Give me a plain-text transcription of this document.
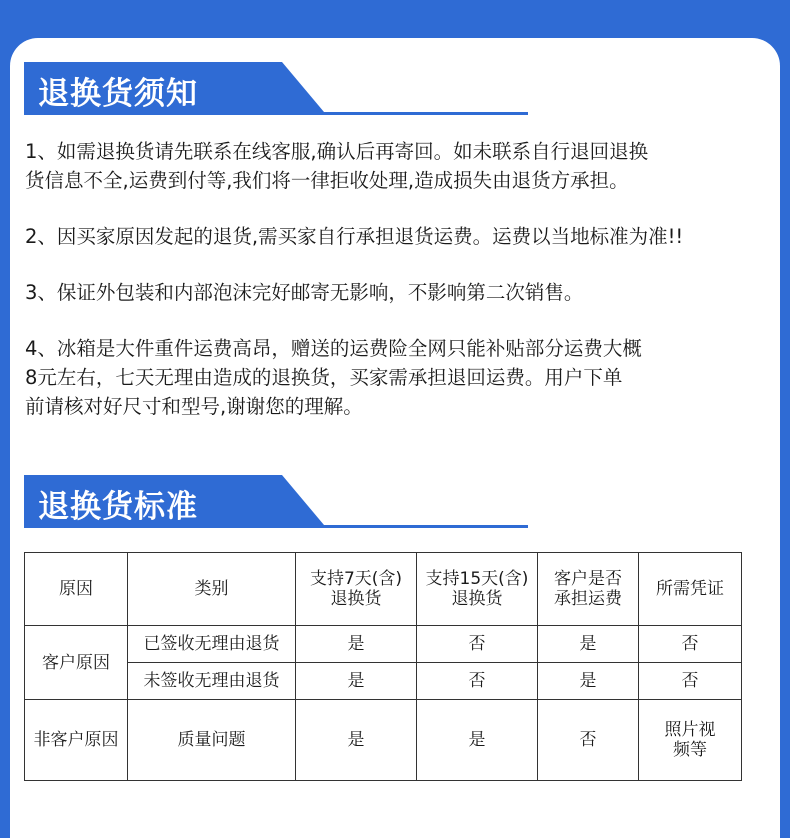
退换货须知
1、如需退换货请先联系在线客服,确认后再寄回。如未联系自行退回退换
货信息不全,运费到付等,我们将一律拒收处理,造成损失由退货方承担。
2、因买家原因发起的退货,需买家自行承担退货运费。运费以当地标准为准!!
3、保证外包装和内部泡沫完好邮寄无影响，不影响第二次销售。
4、冰箱是大件重件运费高昂，赠送的运费险全网只能补贴部分运费大概
8元左右，七天无理由造成的退换货，买家需承担退回运费。用户下单
前请核对好尺寸和型号,谢谢您的理解。
退换货标准
原因	类别	支持7天(含)退换货	支持15天(含)退换货	客户是否承担运费	所需凭证
客户原因	已签收无理由退货	是	否	是	否
	未签收无理由退货	是	否	是	否
非客户原因	质量问题	是	是	否	照片视频等
